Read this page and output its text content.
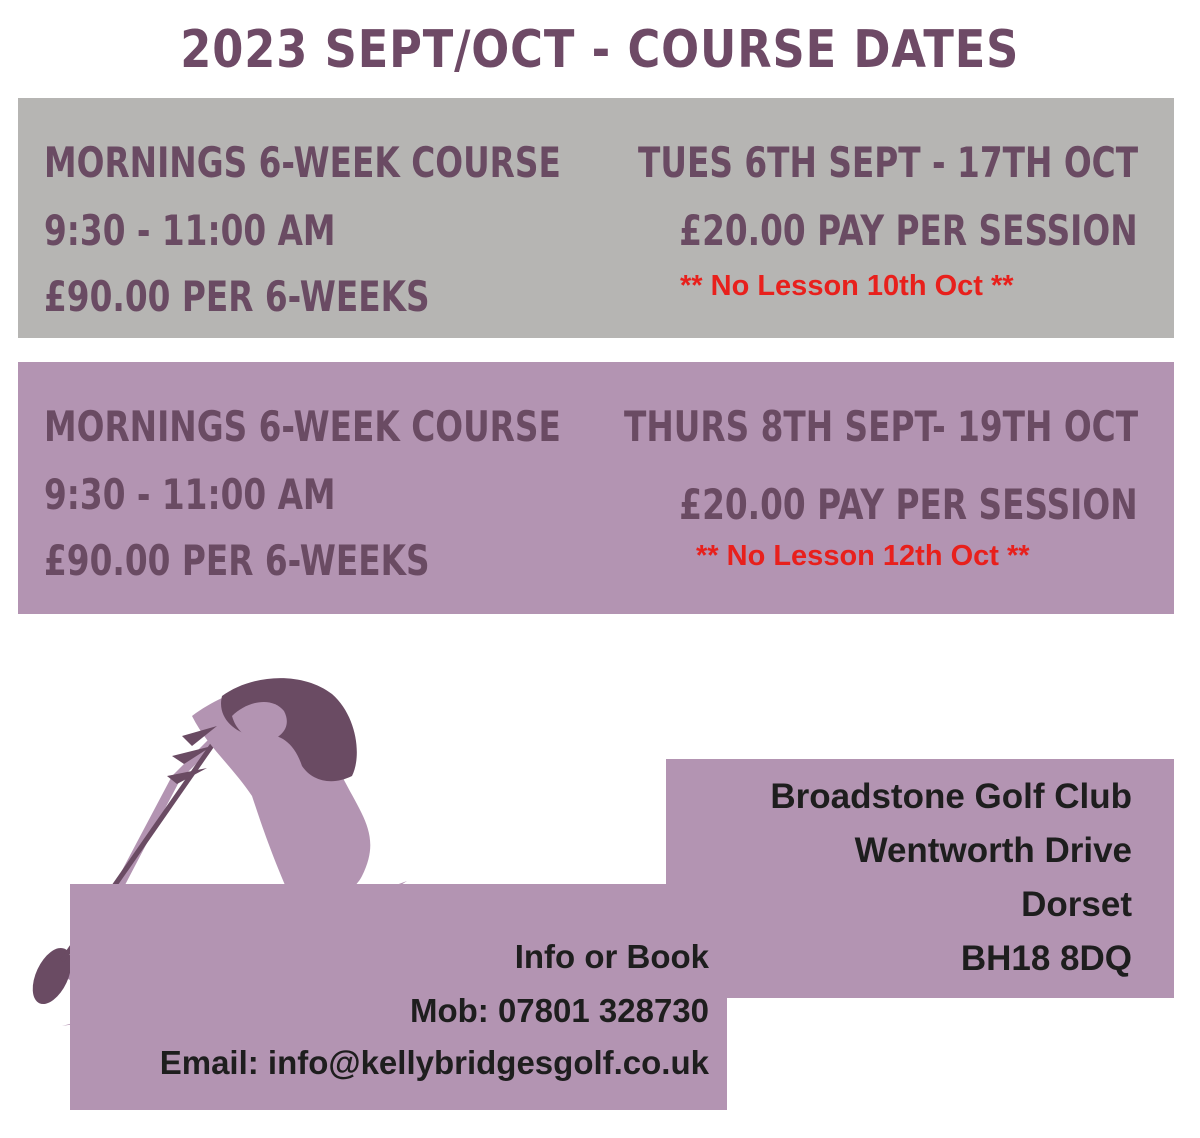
2023 SEPT/OCT - COURSE DATES
MORNINGS 6-WEEK COURSE
9:30 - 11:00 AM
£90.00 PER 6-WEEKS
TUES 6TH SEPT - 17TH OCT
£20.00 PAY PER SESSION
** No Lesson 10th Oct **
MORNINGS 6-WEEK COURSE
9:30 - 11:00 AM
£90.00 PER 6-WEEKS
THURS 8TH SEPT- 19TH OCT
£20.00 PAY PER SESSION
** No Lesson 12th Oct **
Broadstone Golf Club
Wentworth Drive
Dorset
BH18 8DQ
Info or Book
Mob: 07801 328730
Email: info@kellybridgesgolf.co.uk
